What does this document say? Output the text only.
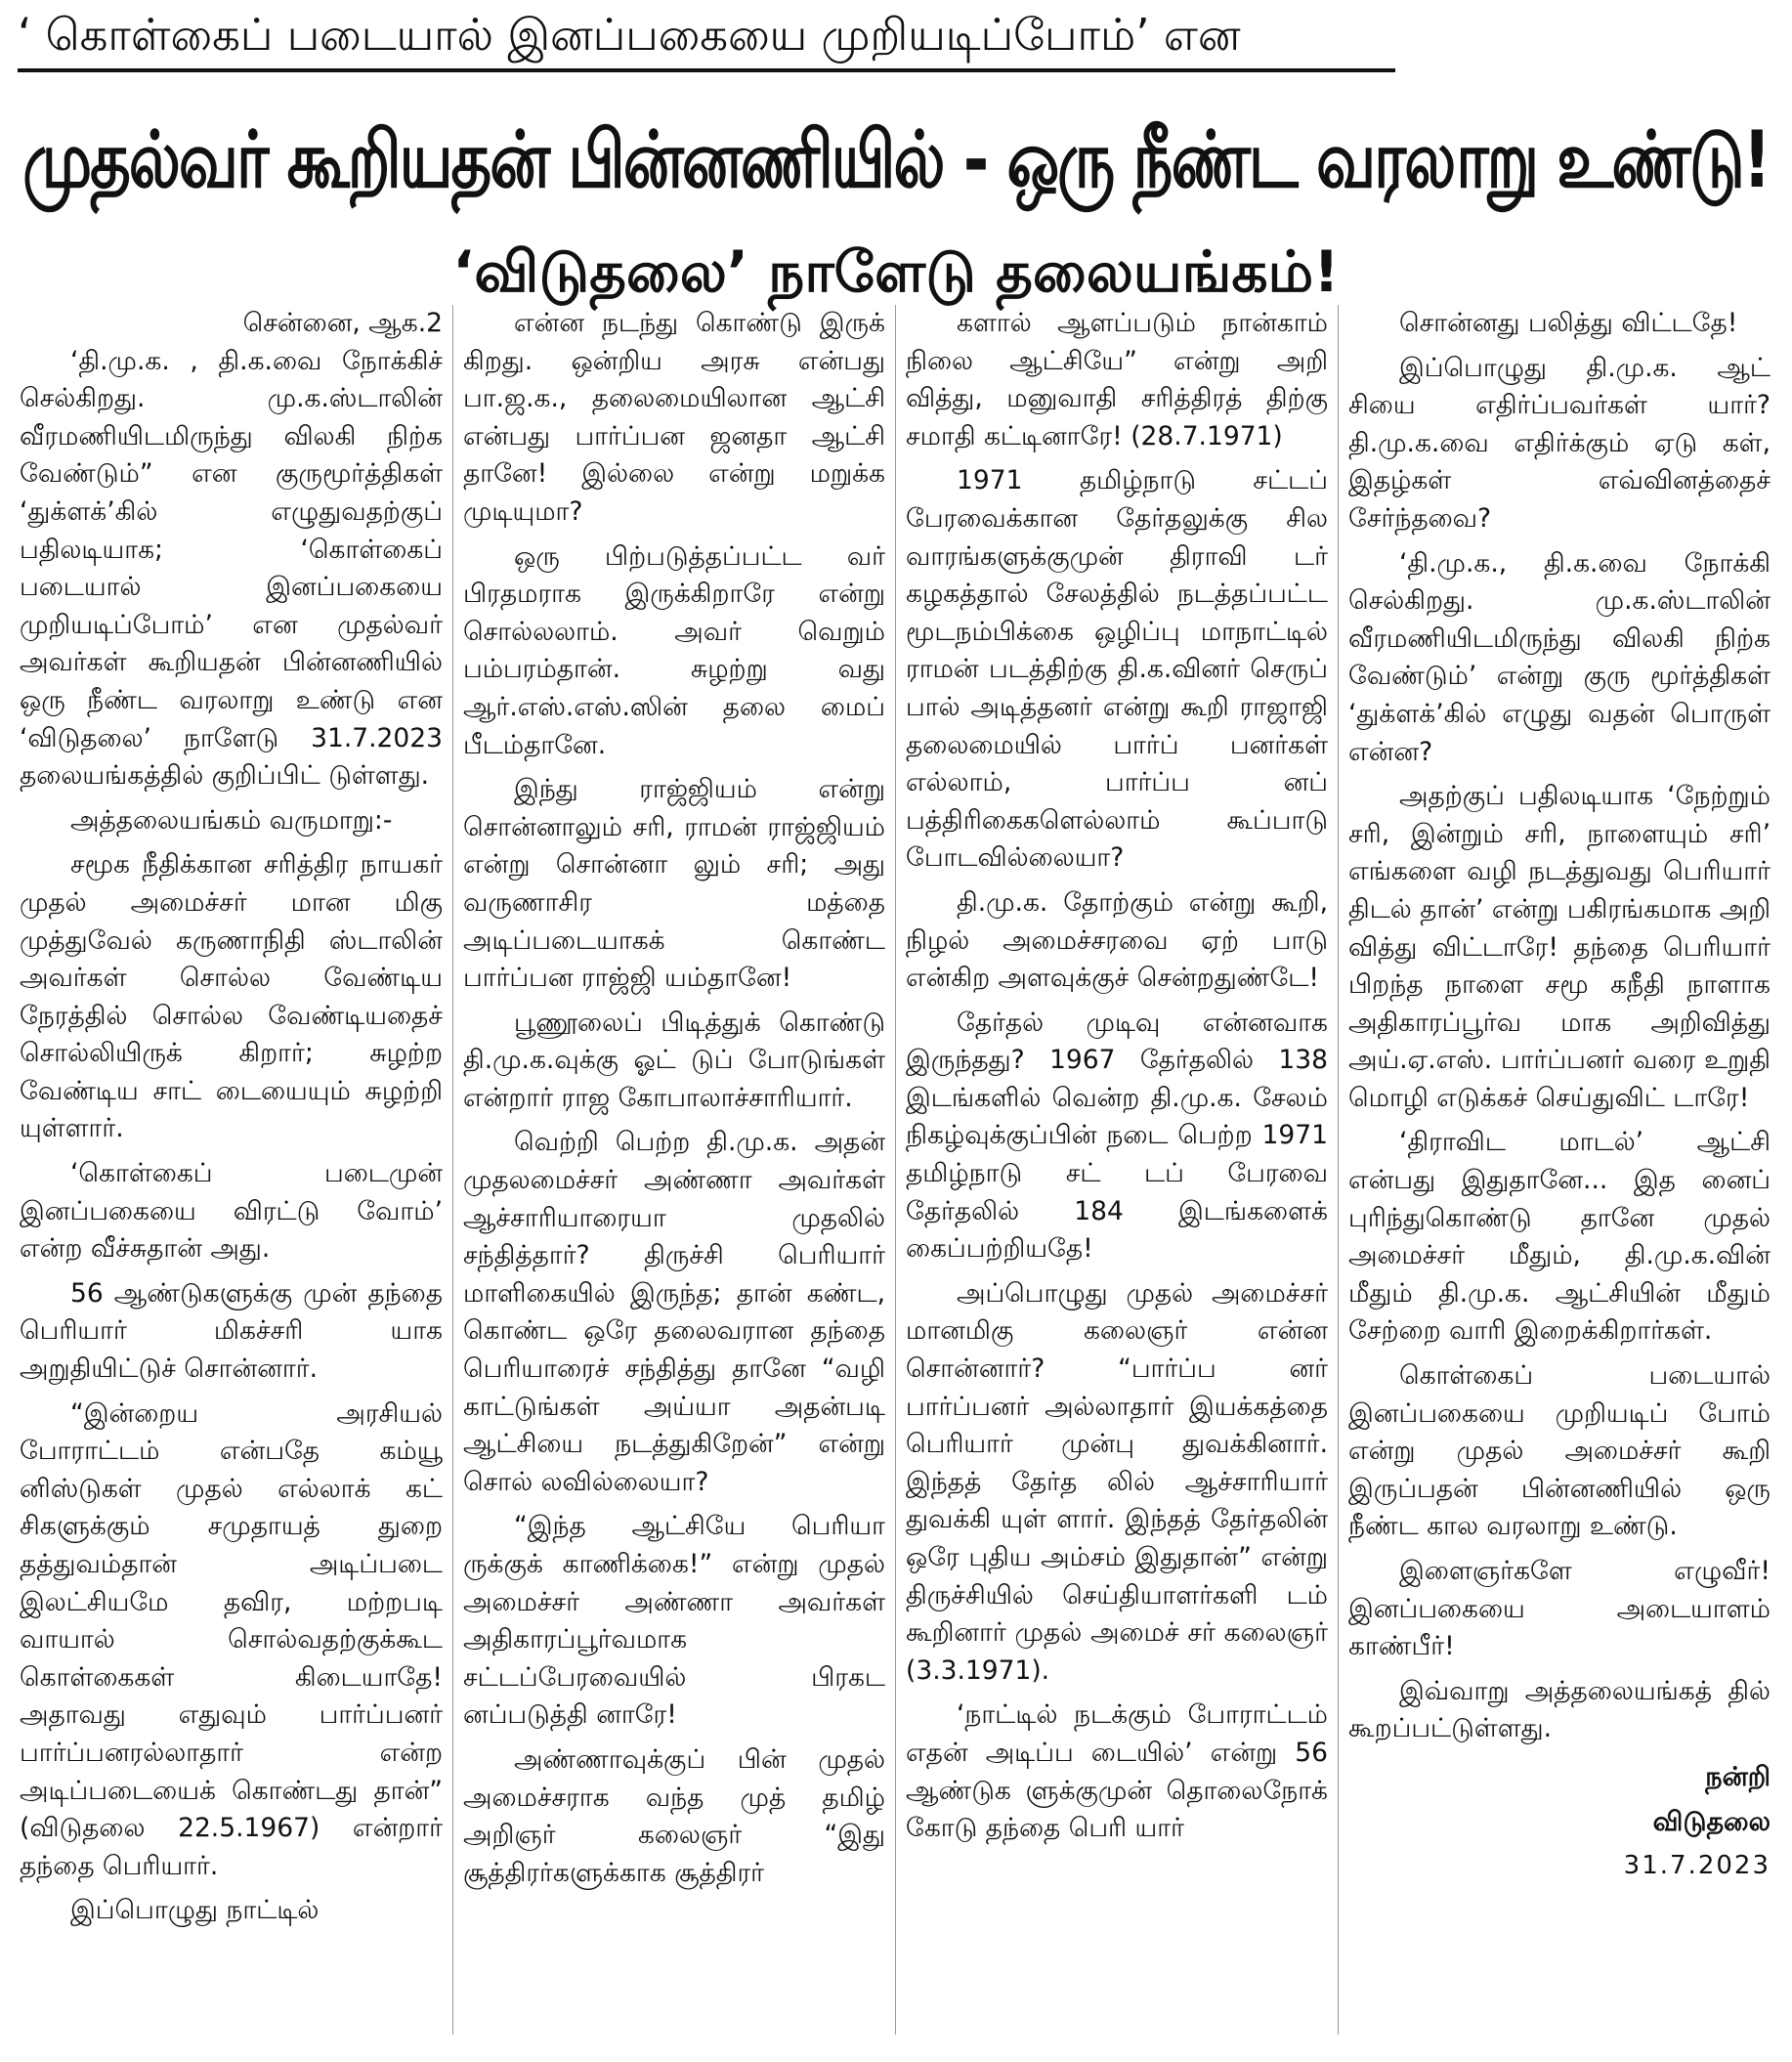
‘ கொள்கைப் படையால் இனப்பகையை முறியடிப்போம்’ என
முதல்வர் கூறியதன் பின்னணியில் - ஒரு நீண்ட வரலாறு உண்டு!
‘விடுதலை’ நாளேடு தலையங்கம்!

சென்னை, ஆக.2

‘தி.மு.க. , தி.க.வை நோக்கிச் செல்கிறது. மு.க.ஸ்டாலின் வீரமணியிடமிருந்து விலகி நிற்க வேண்டும்” என குருமூர்த்திகள் ‘துக்ளக்’கில் எழுதுவதற்குப் பதிலடியாக; ‘கொள்கைப் படையால் இனப்பகையை முறியடிப்போம்’ என முதல்வர் அவர்கள் கூறியதன் பின்னணியில் ஒரு நீண்ட வரலாறு உண்டு என ‘விடுதலை’ நாளேடு 31.7.2023 தலையங்கத்தில் குறிப்பிட் டுள்ளது.

அத்தலையங்கம் வருமாறு:-

சமூக நீதிக்கான சரித்திர நாயகர் முதல் அமைச்சர் மான மிகு முத்துவேல் கருணாநிதி ஸ்டாலின் அவர்கள் சொல்ல வேண்டிய நேரத்தில் சொல்ல வேண்டியதைச் சொல்லியிருக் கிறார்; சுழற்ற வேண்டிய சாட் டையையும் சுழற்றி யுள்ளார்.

‘கொள்கைப் படைமுன் இனப்பகையை விரட்டு வோம்’ என்ற வீச்சுதான் அது.

56 ஆண்டுகளுக்கு முன் தந்தை பெரியார் மிகச்சரி யாக அறுதியிட்டுச் சொன்னார்.

“இன்றைய அரசியல் போராட்டம் என்பதே கம்யூ னிஸ்டுகள் முதல் எல்லாக் கட் சிகளுக்கும் சமுதாயத் துறை தத்துவம்தான் அடிப்படை இலட்சியமே தவிர, மற்றபடி வாயால் சொல்வதற்குக்கூட கொள்கைகள் கிடையாதே! அதாவது எதுவும் பார்ப்பனர் பார்ப்பனரல்லாதார் என்ற அடிப்படையைக் கொண்டது தான்” (விடுதலை 22.5.1967) என்றார் தந்தை பெரியார்.

இப்பொழுது நாட்டில்

என்ன நடந்து கொண்டு இருக் கிறது. ஒன்றிய அரசு என்பது பா.ஜ.க., தலைமையிலான ஆட்சி என்பது பார்ப்பன ஜனதா ஆட்சி தானே! இல்லை என்று மறுக்க முடியுமா?

ஒரு பிற்படுத்தப்பட்ட வர் பிரதமராக இருக்கிறாரே என்று சொல்லலாம். அவர் வெறும் பம்பரம்தான். சுழற்று வது ஆர்.எஸ்.எஸ்.ஸின் தலை மைப் பீடம்தானே.

இந்து ராஜ்ஜியம் என்று சொன்னாலும் சரி, ராமன் ராஜ்ஜியம் என்று சொன்னா லும் சரி; அது வருணாசிர மத்தை அடிப்படையாகக் கொண்ட பார்ப்பன ராஜ்ஜி யம்தானே!

பூணூலைப் பிடித்துக் கொண்டு தி.மு.க.வுக்கு ஓட் டுப் போடுங்கள் என்றார் ராஜ கோபாலாச்சாரியார்.

வெற்றி பெற்ற தி.மு.க. அதன் முதலமைச்சர் அண்ணா அவர்கள் ஆச்சாரியாரையா முதலில் சந்தித்தார்? திருச்சி பெரியார் மாளிகையில் இருந்த; தான் கண்ட, கொண்ட ஒரே தலைவரான தந்தை பெரியாரைச் சந்தித்து தானே “வழி காட்டுங்கள் அய்யா அதன்படி ஆட்சியை நடத்துகிறேன்” என்று சொல் லவில்லையா?

“இந்த ஆட்சியே பெரியா ருக்குக் காணிக்கை!” என்று முதல் அமைச்சர் அண்ணா அவர்கள் அதிகாரப்பூர்வமாக சட்டப்பேரவையில் பிரகட னப்படுத்தி னாரே!

அண்ணாவுக்குப் பின் முதல் அமைச்சராக வந்த முத் தமிழ் அறிஞர் கலைஞர் “இது சூத்திரர்களுக்காக சூத்திரர்

களால் ஆளப்படும் நான்காம் நிலை ஆட்சியே” என்று அறி வித்து, மனுவாதி சரித்திரத் திற்கு சமாதி கட்டினாரே! (28.7.1971)

1971 தமிழ்நாடு சட்டப் பேரவைக்கான தேர்தலுக்கு சில வாரங்களுக்குமுன் திராவி டர் கழகத்தால் சேலத்தில் நடத்தப்பட்ட மூடநம்பிக்கை ஒழிப்பு மாநாட்டில் ராமன் படத்திற்கு தி.க.வினர் செருப் பால் அடித்தனர் என்று கூறி ராஜாஜி தலைமையில் பார்ப் பனர்கள் எல்லாம், பார்ப்ப னப் பத்திரிகைகளெல்லாம் கூப்பாடு போடவில்லையா?

தி.மு.க. தோற்கும் என்று கூறி, நிழல் அமைச்சரவை ஏற் பாடு என்கிற அளவுக்குச் சென்றதுண்டே!

தேர்தல் முடிவு என்னவாக இருந்தது? 1967 தேர்தலில் 138 இடங்களில் வென்ற தி.மு.க. சேலம் நிகழ்வுக்குப்பின் நடை பெற்ற 1971 தமிழ்நாடு சட் டப் பேரவை தேர்தலில் 184 இடங்களைக் கைப்பற்றியதே!

அப்பொழுது முதல் அமைச்சர் மானமிகு கலைஞர் என்ன சொன்னார்? “பார்ப்ப னர் பார்ப்பனர் அல்லாதார் இயக்கத்தை பெரியார் முன்பு துவக்கினார். இந்தத் தேர்த லில் ஆச்சாரியார் துவக்கி யுள் ளார். இந்தத் தேர்தலின் ஒரே புதிய அம்சம் இதுதான்” என்று திருச்சியில் செய்தியாளர்களி டம் கூறினார் முதல் அமைச் சர் கலைஞர் (3.3.1971).

‘நாட்டில் நடக்கும் போராட்டம் எதன் அடிப்ப டையில்’ என்று 56 ஆண்டுக ளுக்குமுன் தொலைநோக் கோடு தந்தை பெரி யார்

சொன்னது பலித்து விட்டதே!

இப்பொழுது தி.மு.க. ஆட் சியை எதிர்ப்பவர்கள் யார்? தி.மு.க.வை எதிர்க்கும் ஏடு கள், இதழ்கள் எவ்வினத்தைச் சேர்ந்தவை?

‘தி.மு.க., தி.க.வை நோக்கி செல்கிறது. மு.க.ஸ்டாலின் வீரமணியிடமிருந்து விலகி நிற்க வேண்டும்’ என்று குரு மூர்த்திகள் ‘துக்ளக்’கில் எழுது வதன் பொருள் என்ன?

அதற்குப் பதிலடியாக ‘நேற்றும் சரி, இன்றும் சரி, நாளையும் சரி’ எங்களை வழி நடத்துவது பெரியார் திடல் தான்’ என்று பகிரங்கமாக அறி வித்து விட்டாரே! தந்தை பெரியார் பிறந்த நாளை சமூ கநீதி நாளாக அதிகாரப்பூர்வ மாக அறிவித்து அய்.ஏ.எஸ். பார்ப்பனர் வரை உறுதி மொழி எடுக்கச் செய்துவிட் டாரே!

‘திராவிட மாடல்’ ஆட்சி என்பது இதுதானே... இத னைப் புரிந்துகொண்டு தானே முதல் அமைச்சர் மீதும், தி.மு.க.வின் மீதும் தி.மு.க. ஆட்சியின் மீதும் சேற்றை வாரி இறைக்கிறார்கள்.

கொள்கைப் படையால் இனப்பகையை முறியடிப் போம் என்று முதல் அமைச்சர் கூறி இருப்பதன் பின்னணியில் ஒரு நீண்ட கால வரலாறு உண்டு.

இளைஞர்களே எழுவீர்! இனப்பகையை அடையாளம் காண்பீர்!

இவ்வாறு அத்தலையங்கத் தில் கூறப்பட்டுள்ளது.

நன்றி

விடுதலை

31.7.2023
